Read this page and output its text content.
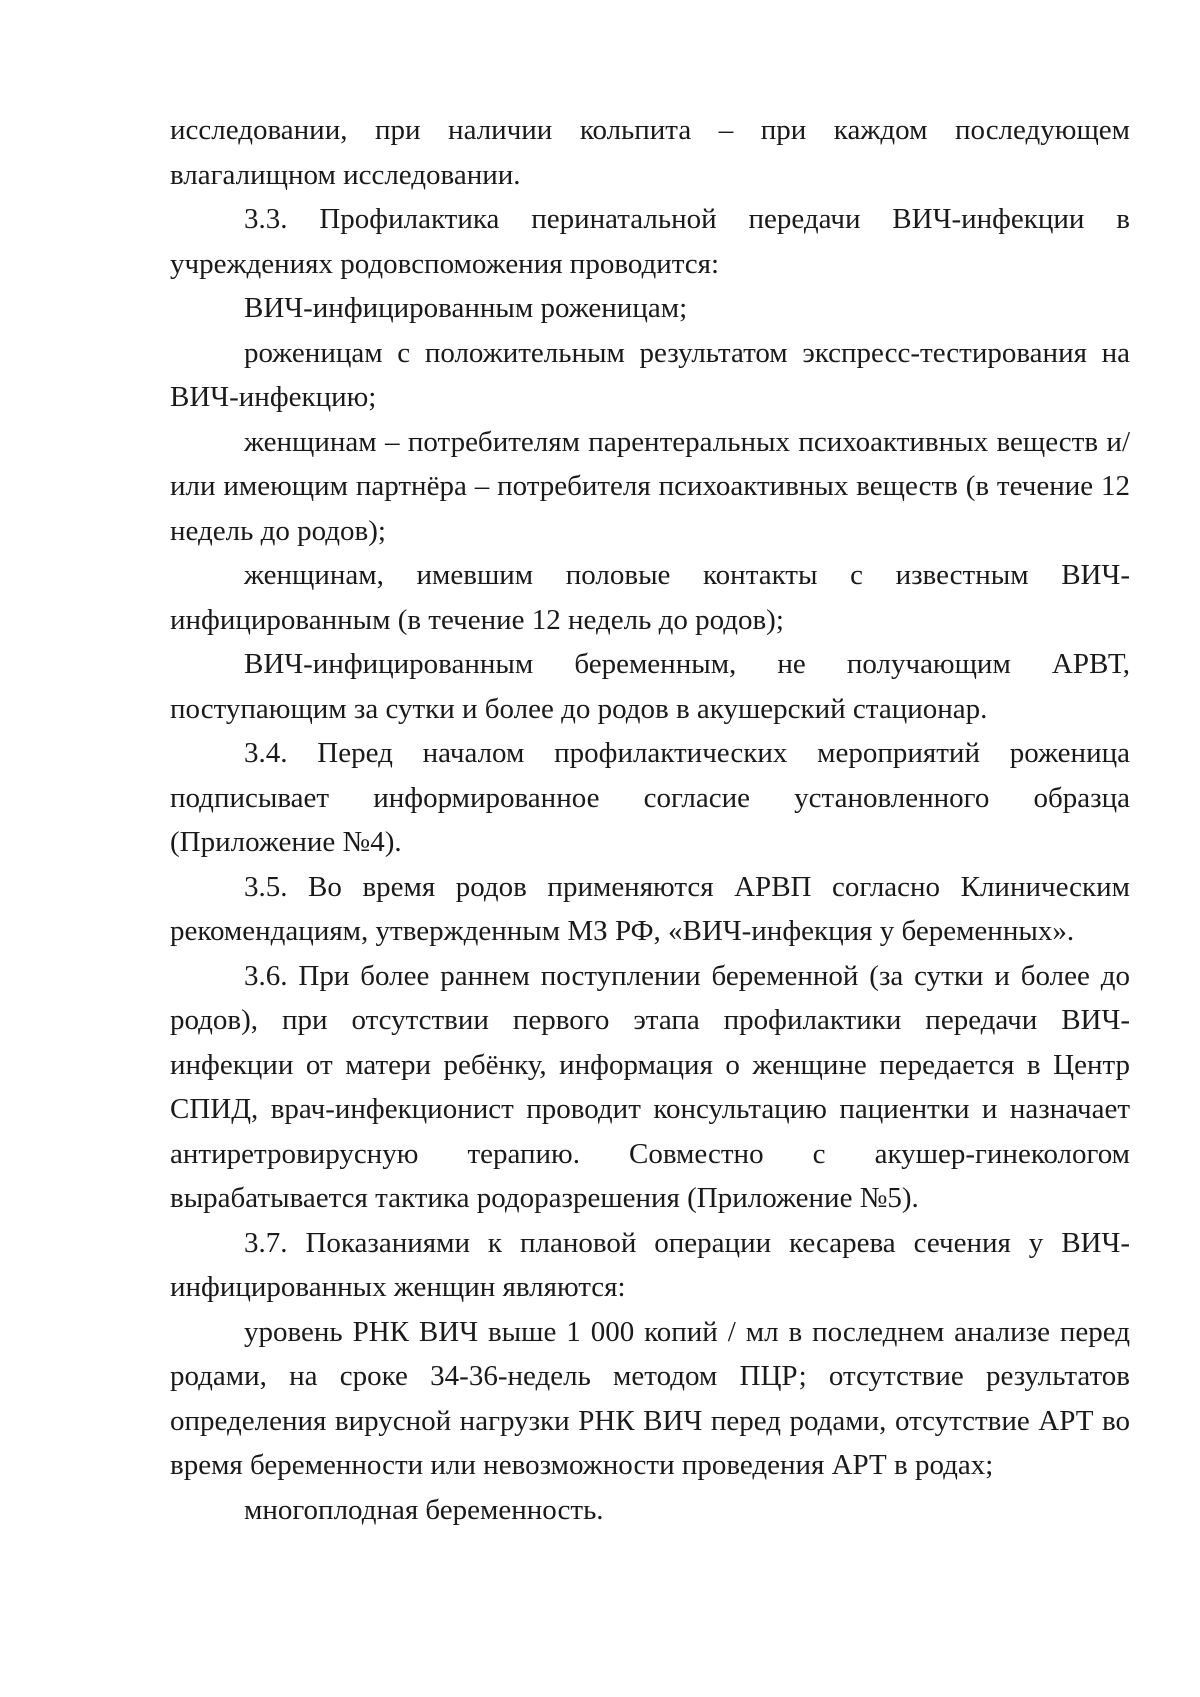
исследовании, при наличии кольпита – при каждом последующем влагалищном исследовании.

3.3. Профилактика перинатальной передачи ВИЧ-инфекции в учреждениях родовспоможения проводится:

ВИЧ-инфицированным роженицам;

роженицам с положительным результатом экспресс-тестирования на ВИЧ-инфекцию;

женщинам – потребителям парентеральных психоактивных веществ и/или имеющим партнёра – потребителя психоактивных веществ (в течение 12 недель до родов);

женщинам, имевшим половые контакты с известным ВИЧ-инфицированным (в течение 12 недель до родов);

ВИЧ-инфицированным беременным, не получающим АРВТ, поступающим за сутки и более до родов в акушерский стационар.

3.4. Перед началом профилактических мероприятий роженица подписывает информированное согласие установленного образца (Приложение №4).

3.5. Во время родов применяются АРВП согласно Клиническим рекомендациям, утвержденным МЗ РФ, «ВИЧ-инфекция у беременных».

3.6. При более раннем поступлении беременной (за сутки и более до родов), при отсутствии первого этапа профилактики передачи ВИЧ-инфекции от матери ребёнку, информация о женщине передается в Центр СПИД, врач-инфекционист проводит консультацию пациентки и назначает антиретровирусную терапию. Совместно с акушер-гинекологом вырабатывается тактика родоразрешения (Приложение №5).

3.7. Показаниями к плановой операции кесарева сечения у ВИЧ-инфицированных женщин являются:

уровень РНК ВИЧ выше 1 000 копий / мл в последнем анализе перед родами, на сроке 34-36-недель методом ПЦР; отсутствие результатов определения вирусной нагрузки РНК ВИЧ перед родами, отсутствие АРТ во время беременности или невозможности проведения АРТ в родах;

многоплодная беременность.
